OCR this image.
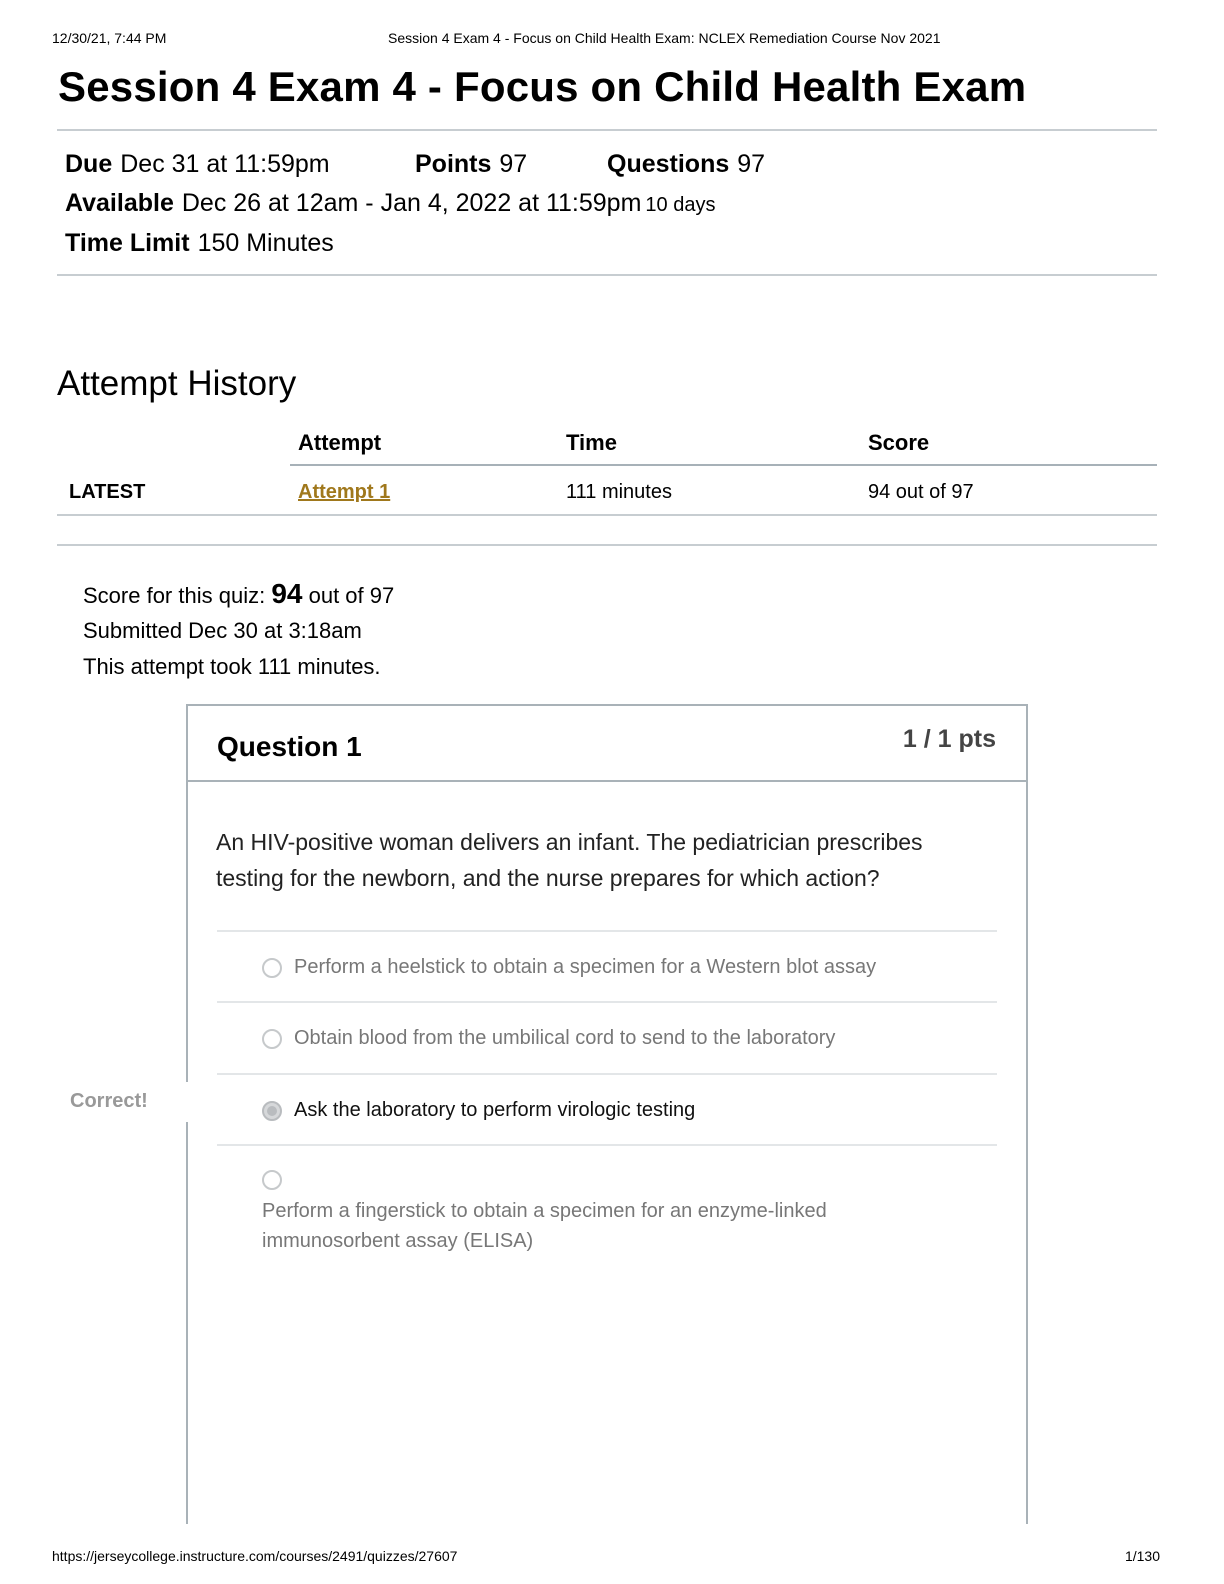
12/30/21, 7:44 PM	Session 4 Exam 4 - Focus on Child Health Exam: NCLEX Remediation Course Nov 2021
Session 4 Exam 4 - Focus on Child Health Exam
Due Dec 31 at 11:59pm	Points 97	Questions 97
Available Dec 26 at 12am - Jan 4, 2022 at 11:59pm 10 days
Time Limit 150 Minutes
Attempt History
Attempt	Time	Score
LATEST	Attempt 1	111 minutes	94 out of 97
Score for this quiz: 94 out of 97
Submitted Dec 30 at 3:18am
This attempt took 111 minutes.
Question 1	1 / 1 pts
An HIV-positive woman delivers an infant. The pediatrician prescribes testing for the newborn, and the nurse prepares for which action?
Perform a heelstick to obtain a specimen for a Western blot assay
Obtain blood from the umbilical cord to send to the laboratory
Correct!	Ask the laboratory to perform virologic testing
Perform a fingerstick to obtain a specimen for an enzyme-linked immunosorbent assay (ELISA)
https://jerseycollege.instructure.com/courses/2491/quizzes/27607	1/130
